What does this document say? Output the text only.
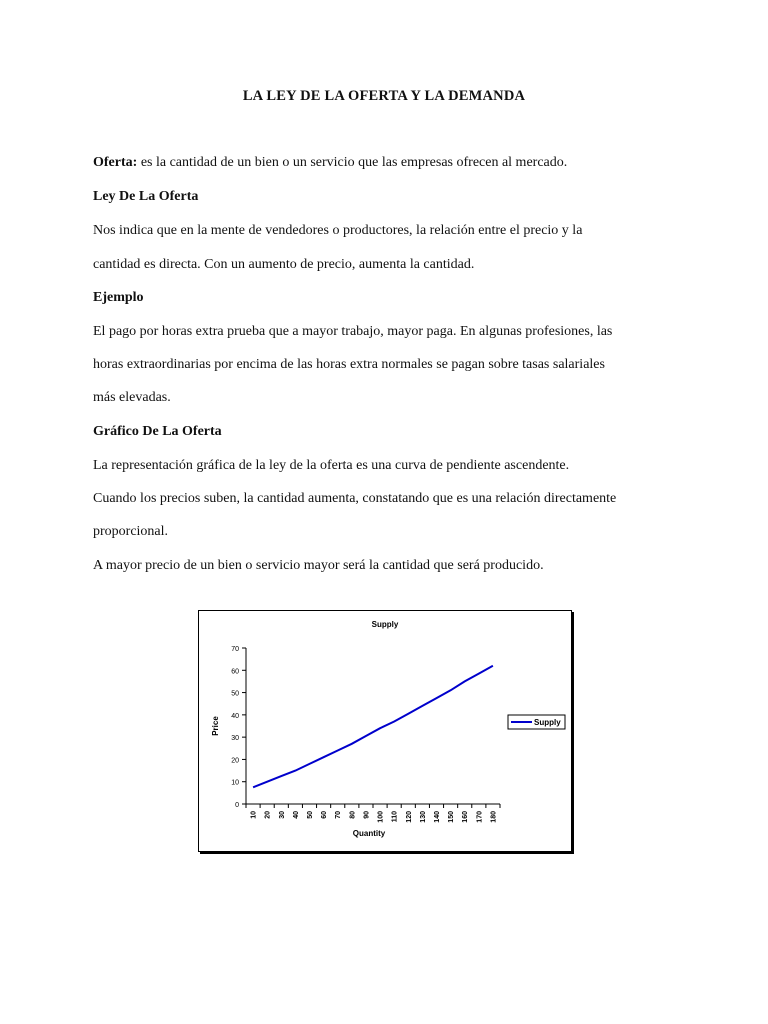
LA LEY DE LA OFERTA Y LA DEMANDA
Oferta: es la cantidad de un bien o un servicio que las empresas ofrecen al mercado.
Ley De La Oferta
Nos indica que en la mente de vendedores o productores, la relación entre el precio y la
cantidad es directa. Con un aumento de precio, aumenta la cantidad.
Ejemplo
El pago por horas extra prueba que a mayor trabajo, mayor paga. En algunas profesiones, las
horas extraordinarias por encima de las horas extra normales se pagan sobre tasas salariales
más elevadas.
Gráfico De La Oferta
La representación gráfica de la ley de la oferta es una curva de pendiente ascendente.
Cuando los precios suben, la cantidad aumenta, constatando que es una relación directamente
proporcional.
A mayor precio de un bien o servicio mayor será la cantidad que será producido.
Supply
Price
Quantity
0
10
20
30
40
50
60
70
10 20 30 40 50 60 70 80 90 100 110 120 130 140 150 160 170 180
Supply
